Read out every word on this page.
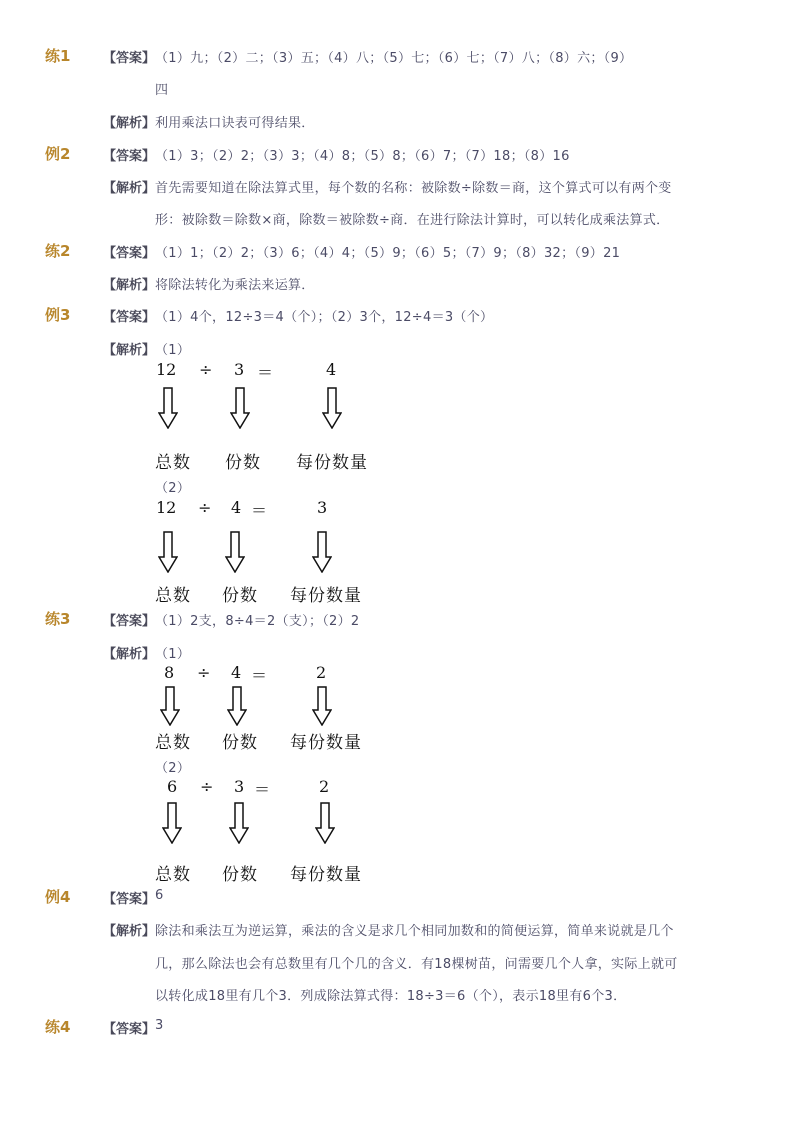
练1	【答案】 （1）九；（2）二；（3）五；（4）八；（5）七；（6）七；（7）八；（8）六；（9）
四
【解析】 利用乘法口诀表可得结果．
例2	【答案】 （1）3；（2）2；（3）3；（4）8；（5）8；（6）7；（7）18；（8）16
【解析】 首先需要知道在除法算式里，每个数的名称：被除数÷除数＝商，这个算式可以有两个变
形：被除数＝除数×商，除数＝被除数÷商．在进行除法计算时，可以转化成乘法算式．
练2	【答案】 （1）1；（2）2；（3）6；（4）4；（5）9；（6）5；（7）9；（8）32；（9）21
【解析】 将除法转化为乘法来运算．
例3	【答案】 （1）4个，12÷3＝4（个）；（2）3个，12÷4＝3（个）
【解析】 （1）
12 ÷ 3 ＝	4
总数 份数 每份数量
（2）
12 ÷ 4 ＝	3
总数 份数 每份数量
练3	【答案】 （1）2支，8÷4＝2（支）；（2）2
【解析】 （1）
8 ÷ 4 ＝	2
总数 份数 每份数量
（2）
6 ÷ 3 ＝	2
总数 份数 每份数量
例4	【答案】 6
【解析】 除法和乘法互为逆运算，乘法的含义是求几个相同加数和的简便运算，简单来说就是几个
几，那么除法也会有总数里有几个几的含义．有18棵树苗，问需要几个人拿，实际上就可
以转化成18里有几个3．列成除法算式得：18÷3＝6（个），表示18里有6个3．
练4	【答案】 3
